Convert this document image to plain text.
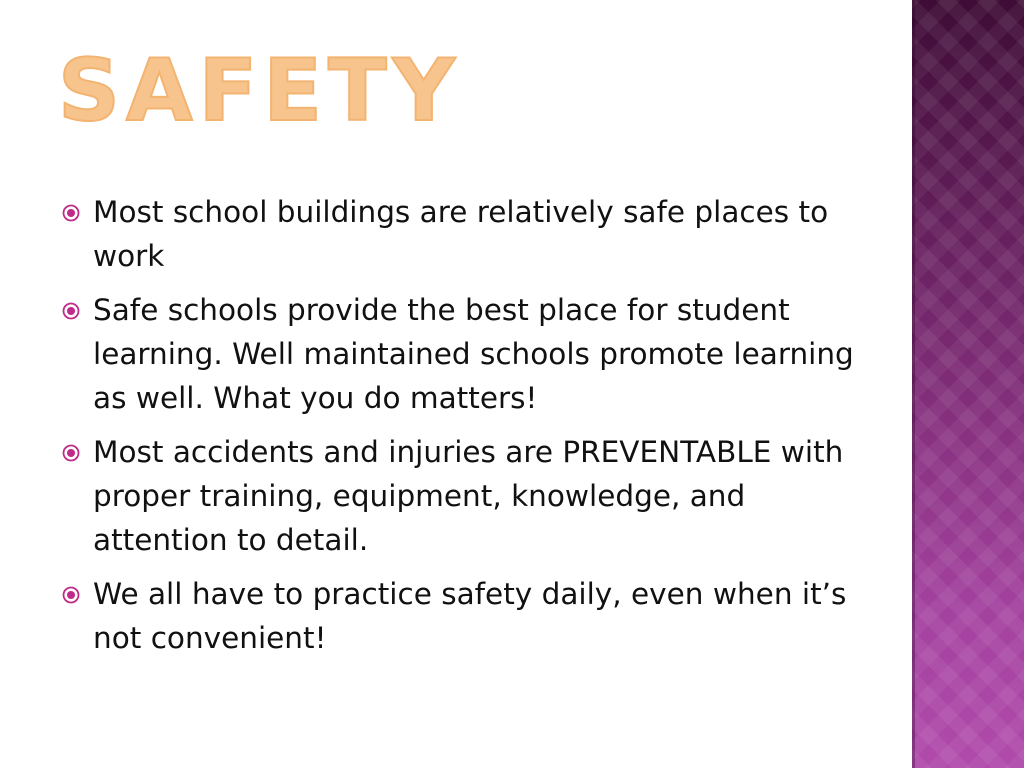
SAFETY
Most school buildings are relatively safe places to work
Safe schools provide the best place for student learning. Well maintained schools promote learning as well. What you do matters!
Most accidents and injuries are PREVENTABLE with proper training, equipment, knowledge, and attention to detail.
We all have to practice safety daily, even when it’s not convenient!
